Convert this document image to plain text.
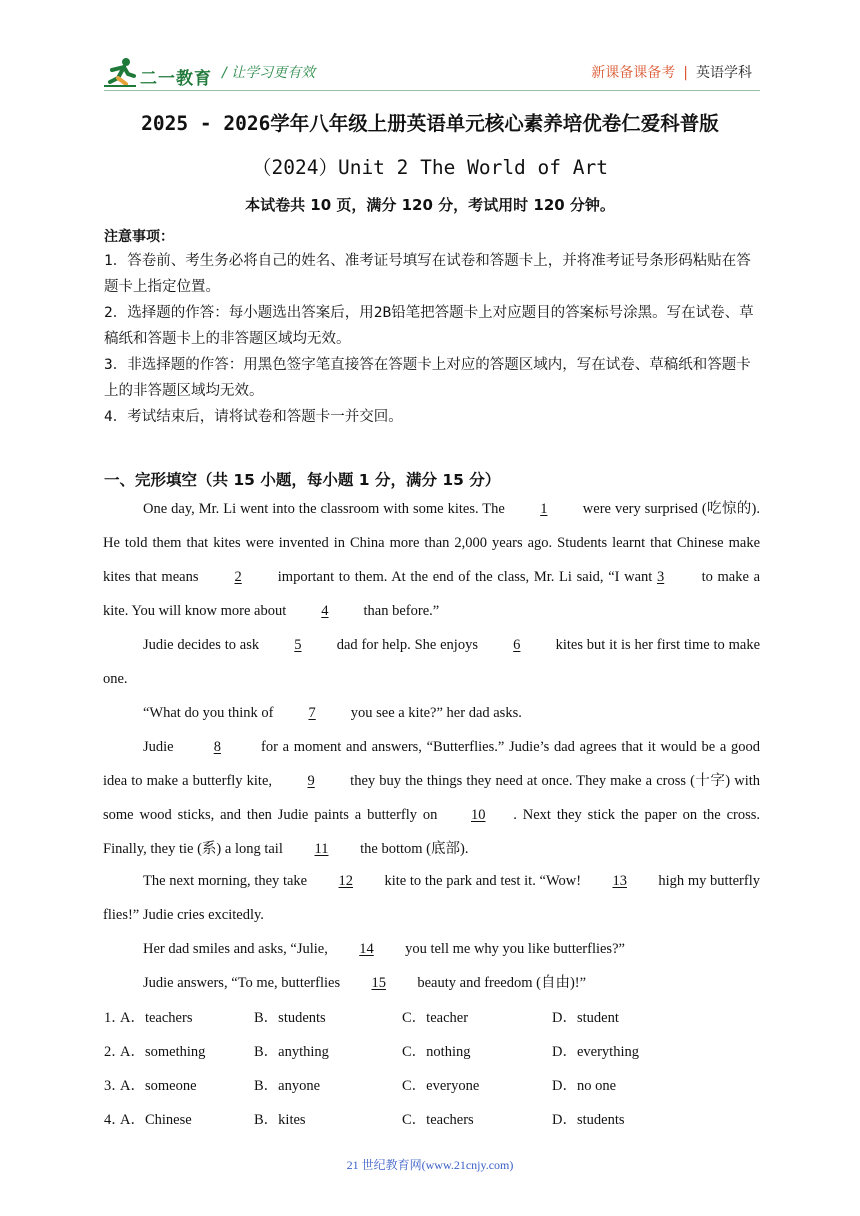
二一教育 / 让学习更有效	新课备课备考 | 英语学科
2025 - 2026学年八年级上册英语单元核心素养培优卷仁爱科普版
（2024）Unit 2 The World of Art
本试卷共 10 页，满分 120 分，考试用时 120 分钟。
注意事项：
1．答卷前、考生务必将自己的姓名、准考证号填写在试卷和答题卡上，并将准考证号条形码粘贴在答题卡上指定位置。
2．选择题的作答：每小题选出答案后，用2B铅笔把答题卡上对应题目的答案标号涂黑。写在试卷、草稿纸和答题卡上的非答题区域均无效。
3．非选择题的作答：用黑色签字笔直接答在答题卡上对应的答题区域内，写在试卷、草稿纸和答题卡上的非答题区域均无效。
4．考试结束后，请将试卷和答题卡一并交回。
一、完形填空（共 15 小题，每小题 1 分，满分 15 分）
One day, Mr. Li went into the classroom with some kites. The 1 were very surprised (吃惊的). He told them that kites were invented in China more than 2,000 years ago. Students learnt that Chinese make kites that means 2 important to them. At the end of the class, Mr. Li said, “I want 3 to make a kite. You will know more about 4 than before.”
Judie decides to ask 5 dad for help. She enjoys 6 kites but it is her first time to make one.
“What do you think of 7 you see a kite?” her dad asks.
Judie 8 for a moment and answers, “Butterflies.” Judie’s dad agrees that it would be a good idea to make a butterfly kite, 9 they buy the things they need at once. They make a cross (十字) with some wood sticks, and then Judie paints a butterfly on 10 . Next they stick the paper on the cross. Finally, they tie (系) a long tail 11 the bottom (底部).
The next morning, they take 12 kite to the park and test it. “Wow! 13 high my butterfly flies!” Judie cries excitedly.
Her dad smiles and asks, “Julie, 14 you tell me why you like butterflies?”
Judie answers, “To me, butterflies 15 beauty and freedom (自由)!”
1．
A．teachers	B．students	C．teacher	D．student
2．
A．something	B．anything	C．nothing	D．everything
3．
A．someone	B．anyone	C．everyone	D．no one
4．
A．Chinese	B．kites	C．teachers	D．students
21 世纪教育网(www.21cnjy.com)
